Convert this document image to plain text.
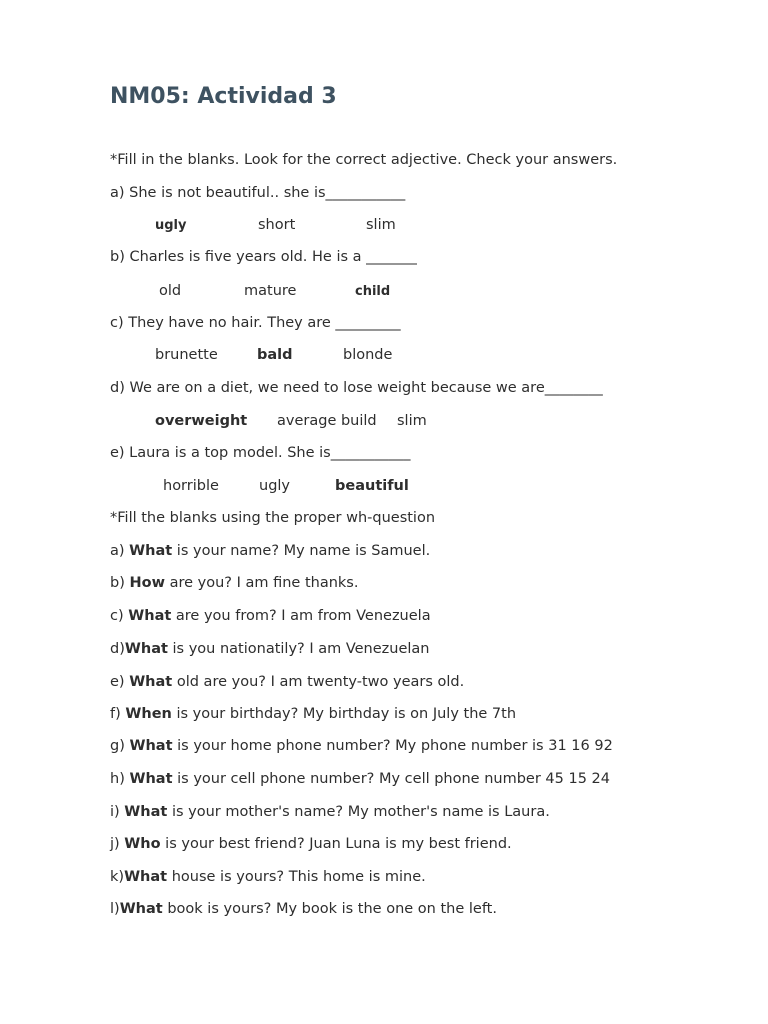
NM05: Actividad 3
*Fill in the blanks. Look for the correct adjective. Check your answers.
a) She is not beautiful.. she is___________
ugly	short	slim
b) Charles is five years old. He is a _______
old	mature	child
c) They have no hair. They are _________
brunette	bald	blonde
d) We are on a diet, we need to lose weight because we are________
overweight average build slim
e) Laura is a top model. She is___________
horrible	ugly	beautiful
*Fill the blanks using the proper wh-question
a) What is your name? My name is Samuel.
b) How are you? I am fine thanks.
c) What are you from? I am from Venezuela
d)What is you nationatily? I am Venezuelan
e) What old are you? I am twenty-two years old.
f) When is your birthday? My birthday is on July the 7th
g) What is your home phone number? My phone number is 31 16 92
h) What is your cell phone number? My cell phone number 45 15 24
i) What is your mother's name? My mother's name is Laura.
j) Who is your best friend? Juan Luna is my best friend.
k)What house is yours? This home is mine.
l)What book is yours? My book is the one on the left.
